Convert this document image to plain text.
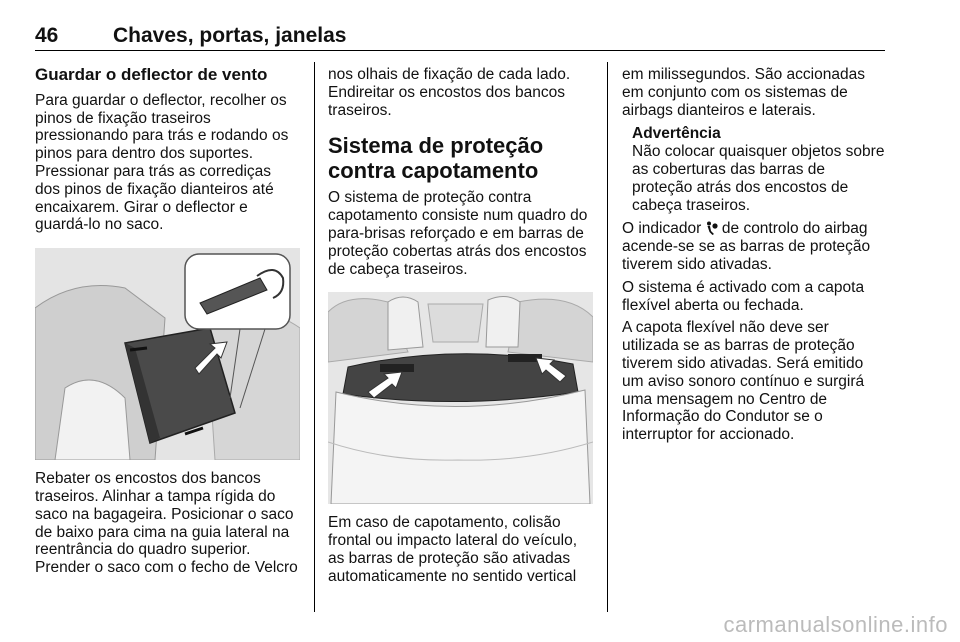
46	Chaves, portas, janelas
Guardar o deflector de vento

Para guardar o deflector, recolher os pinos de fixação traseiros pressionando para trás e rodando os pinos para dentro dos suportes. Pressionar para trás as corrediças dos pinos de fixação dianteiros até encaixarem. Girar o deflector e guardá-lo no saco.

Rebater os encostos dos bancos traseiros. Alinhar a tampa rígida do saco na bagageira. Posicionar o saco de baixo para cima na guia lateral na reentrância do quadro superior. Prender o saco com o fecho de Velcro

nos olhais de fixação de cada lado. Endireitar os encostos dos bancos traseiros.

Sistema de proteção contra capotamento

O sistema de proteção contra capotamento consiste num quadro do para-brisas reforçado e em barras de proteção cobertas atrás dos encostos de cabeça traseiros.

Em caso de capotamento, colisão frontal ou impacto lateral do veículo, as barras de proteção são ativadas automaticamente no sentido vertical

em milissegundos. São accionadas em conjunto com os sistemas de airbags dianteiros e laterais.

Advertência
Não colocar quaisquer objetos sobre as coberturas das barras de proteção atrás dos encostos de cabeça traseiros.

O indicador de controlo do airbag acende-se se as barras de proteção tiverem sido ativadas.

O sistema é activado com a capota flexível aberta ou fechada.

A capota flexível não deve ser utilizada se as barras de proteção tiverem sido ativadas. Será emitido um aviso sonoro contínuo e surgirá uma mensagem no Centro de Informação do Condutor se o interruptor for accionado.

carmanualsonline.info
